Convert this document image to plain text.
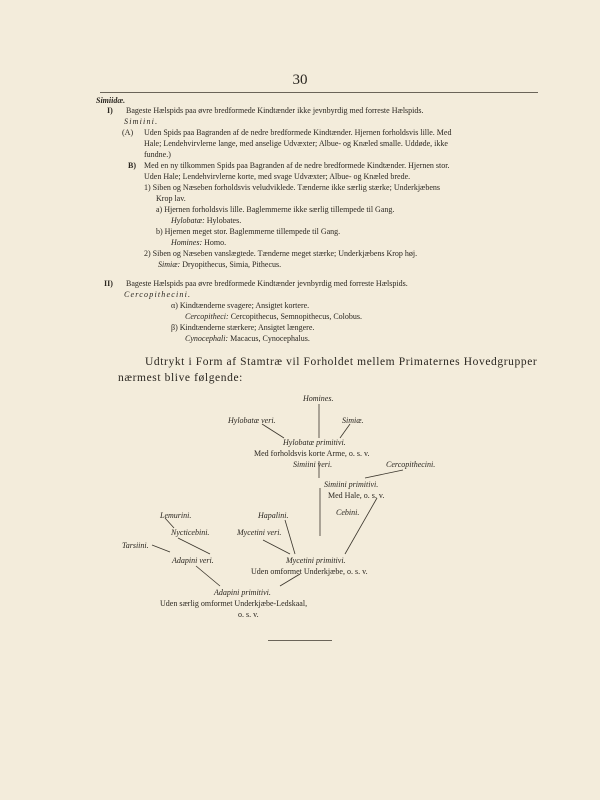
30
Simiidæ.
I) Bageste Hælspids paa øvre bredformede Kindtænder ikke jevnbyrdig med forreste Hælspids.
Simiini.
(A) Uden Spids paa Bagranden af de nedre bredformede Kindtænder. Hjernen forholdsvis lille. Med
Hale; Lendehvirvlerne lange, med anselige Udvæxter; Albue- og Knæled smalle. Uddøde, ikke
fundne.)
B) Med en ny tilkommen Spids paa Bagranden af de nedre bredformede Kindtænder. Hjernen stor.
Uden Hale; Lendehvirvlerne korte, med svage Udvæxter; Albue- og Knæled brede.
1) Siben og Næseben forholdsvis veludviklede. Tænderne ikke særlig stærke; Underkjæbens
Krop lav.
a) Hjernen forholdsvis lille. Baglemmerne ikke særlig tillempede til Gang.
Hylobatæ: Hylobates.
b) Hjernen meget stor. Baglemmerne tillempede til Gang.
Homines: Homo.
2) Siben og Næseben vanslægtede. Tænderne meget stærke; Underkjæbens Krop høj.
Simiæ: Dryopithecus, Simia, Pithecus.
II) Bageste Hælspids paa øvre bredformede Kindtænder jevnbyrdig med forreste Hælspids.
Cercopithecini.
α) Kindtænderne svagere; Ansigtet kortere.
Cercopitheci: Cercopithecus, Semnopithecus, Colobus.
β) Kindtænderne stærkere; Ansigtet længere.
Cynocephali: Macacus, Cynocephalus.
Udtrykt i Form af Stamtræ vil Forholdet mellem Primaternes Hovedgrupper
nærmest blive følgende:
Homines.
Hylobatæ veri.	Simiæ.
Hylobatæ primitivi.
Med forholdsvis korte Arme, o. s. v.
Simiini veri.	Cercopithecini.
Simiini primitivi.
Med Hale, o. s. v.
Cebini.
Lemurini.	Hapalini.
Nycticebini.	Mycetini veri.
Tarsiini.
Adapini veri.	Mycetini primitivi.
Uden omformet Underkjæbe, o. s. v.
Adapini primitivi.
Uden særlig omformet Underkjæbe-Ledskaal,
o. s. v.
